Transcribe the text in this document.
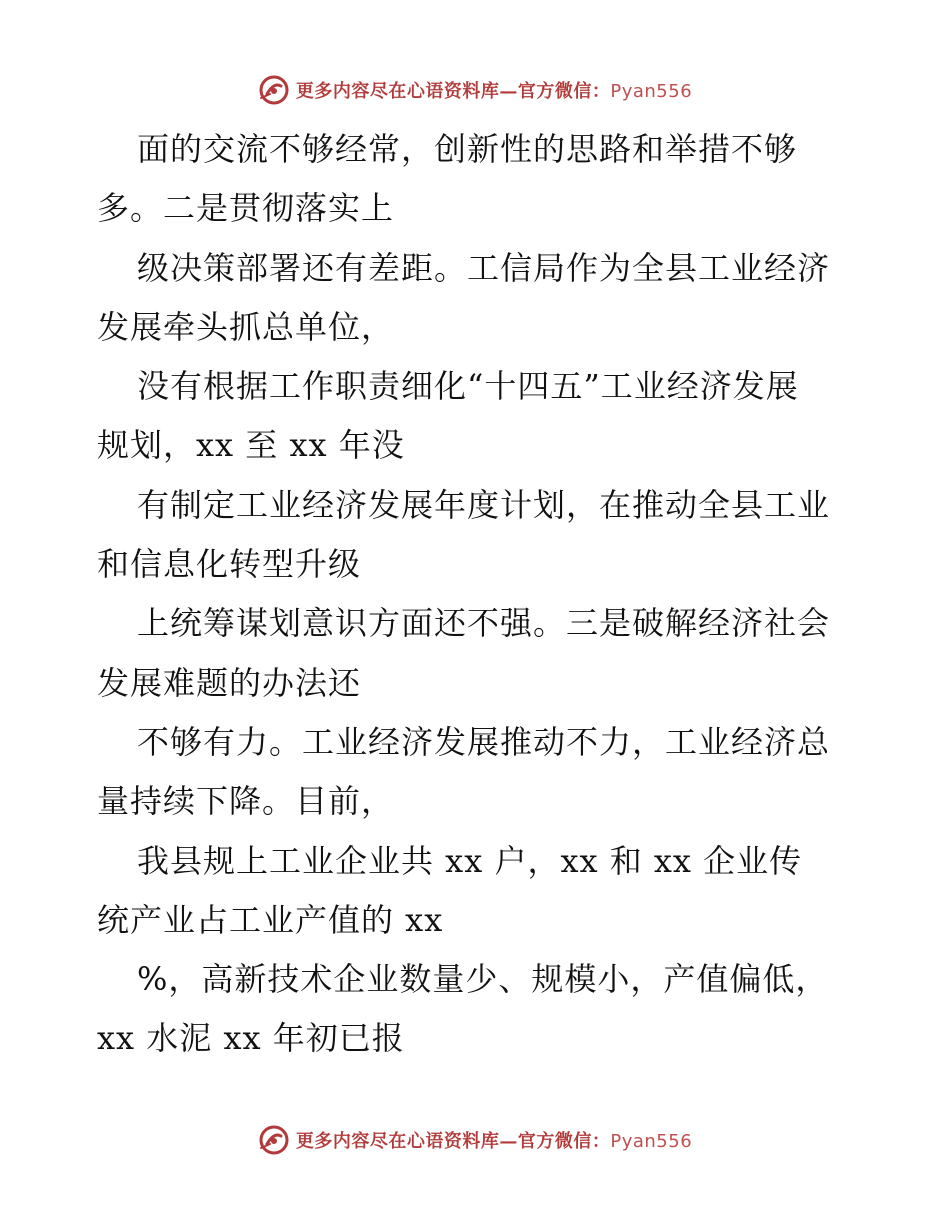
更多内容尽在心语资料库—官方微信：Pyan556
面的交流不够经常，创新性的思路和举措不够
多。二是贯彻落实上
级决策部署还有差距。工信局作为全县工业经济
发展牵头抓总单位，
没有根据工作职责细化“十四五”工业经济发展
规划，xx 至 xx 年没
有制定工业经济发展年度计划，在推动全县工业
和信息化转型升级
上统筹谋划意识方面还不强。三是破解经济社会
发展难题的办法还
不够有力。工业经济发展推动不力，工业经济总
量持续下降。目前，
我县规上工业企业共 xx 户，xx 和 xx 企业传
统产业占工业产值的 xx
%，高新技术企业数量少、规模小，产值偏低，
xx 水泥 xx 年初已报
更多内容尽在心语资料库—官方微信：Pyan556
